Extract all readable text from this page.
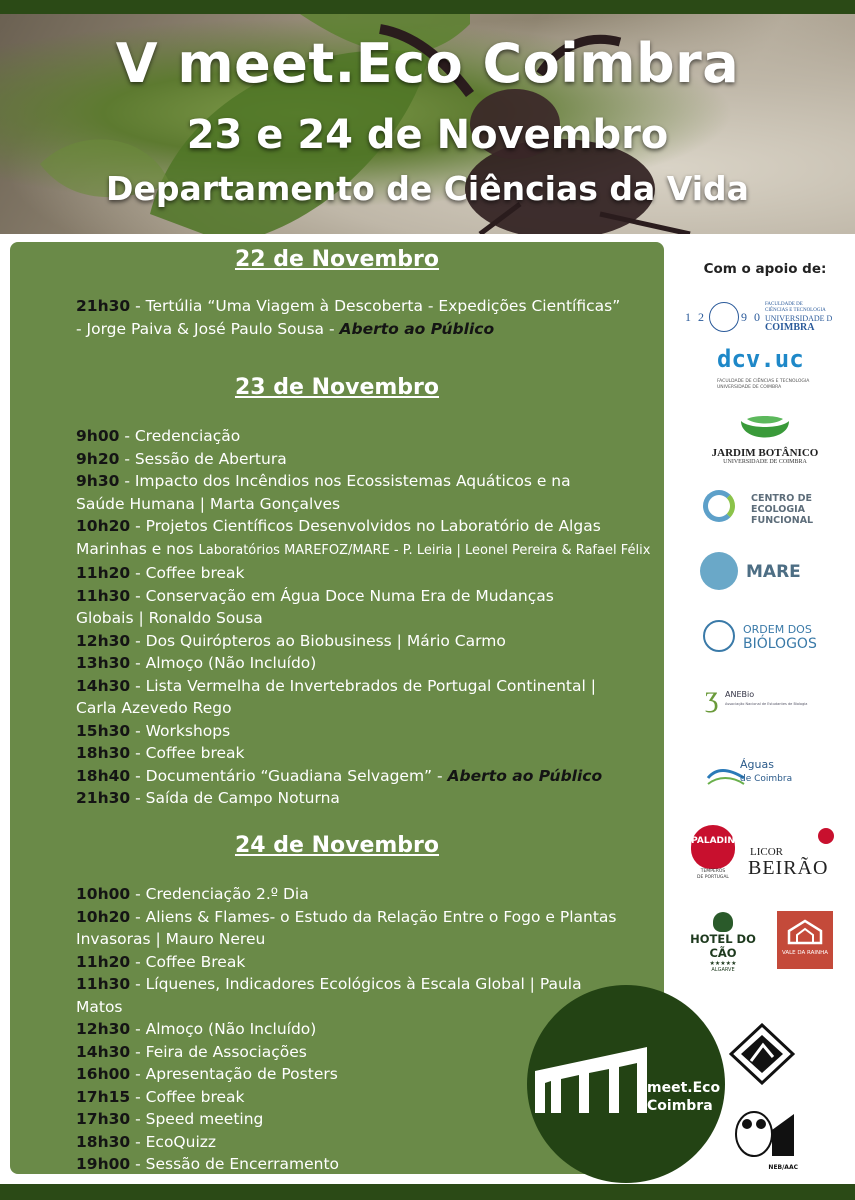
V meet.Eco Coimbra
23 e 24 de Novembro
Departamento de Ciências da Vida
22 de Novembro
21h30 - Tertúlia “Uma Viagem à Descoberta - Expedições Científicas”
- Jorge Paiva & José Paulo Sousa - Aberto ao Público
23 de Novembro
9h00 - Credenciação
9h20 - Sessão de Abertura
9h30 - Impacto dos Incêndios nos Ecossistemas Aquáticos e na
Saúde Humana | Marta Gonçalves
10h20 - Projetos Científicos Desenvolvidos no Laboratório de Algas
Marinhas e nos Laboratórios MAREFOZ/MARE - P. Leiria | Leonel Pereira & Rafael Félix
11h20 - Coffee break
11h30 - Conservação em Água Doce Numa Era de Mudanças
Globais | Ronaldo Sousa
12h30 - Dos Quirópteros ao Biobusiness | Mário Carmo
13h30 - Almoço (Não Incluído)
14h30 - Lista Vermelha de Invertebrados de Portugal Continental |
Carla Azevedo Rego
15h30 - Workshops
18h30 - Coffee break
18h40 - Documentário “Guadiana Selvagem” - Aberto ao Público
21h30 - Saída de Campo Noturna
24 de Novembro
10h00 - Credenciação 2.º Dia
10h20 - Aliens & Flames- o Estudo da Relação Entre o Fogo e Plantas
Invasoras | Mauro Nereu
11h20 - Coffee Break
11h30 - Líquenes, Indicadores Ecológicos à Escala Global | Paula
Matos
12h30 - Almoço (Não Incluído)
14h30 - Feira de Associações
16h00 - Apresentação de Posters
17h15 - Coffee break
17h30 - Speed meeting
18h30 - EcoQuizz
19h00 - Sessão de Encerramento
Com o apoio de:
1 2	9 0
FACULDADE DE
CIÊNCIAS E TECNOLOGIA
UNIVERSIDADE D
COIMBRA
dcv.uc
FACULDADE DE CIÊNCIAS E TECNOLOGIA
UNIVERSIDADE DE COIMBRA
JARDIM BOTÂNICO
UNIVERSIDADE DE COIMBRA
CENTRO DE
ECOLOGIA
FUNCIONAL
MARE
ORDEM DOS
BIÓLOGOS
ʒ ANEBio
Associação Nacional de Estudantes de Biologia
Águas
de Coimbra
PALADIN
TEMPEROS
DE PORTUGAL
LICOR
BEIRÃO
HOTEL DO CÃO
★★★★★
ALGARVE
VALE DA RAINHA
NEB/AAC
meet.Eco
Coimbra
